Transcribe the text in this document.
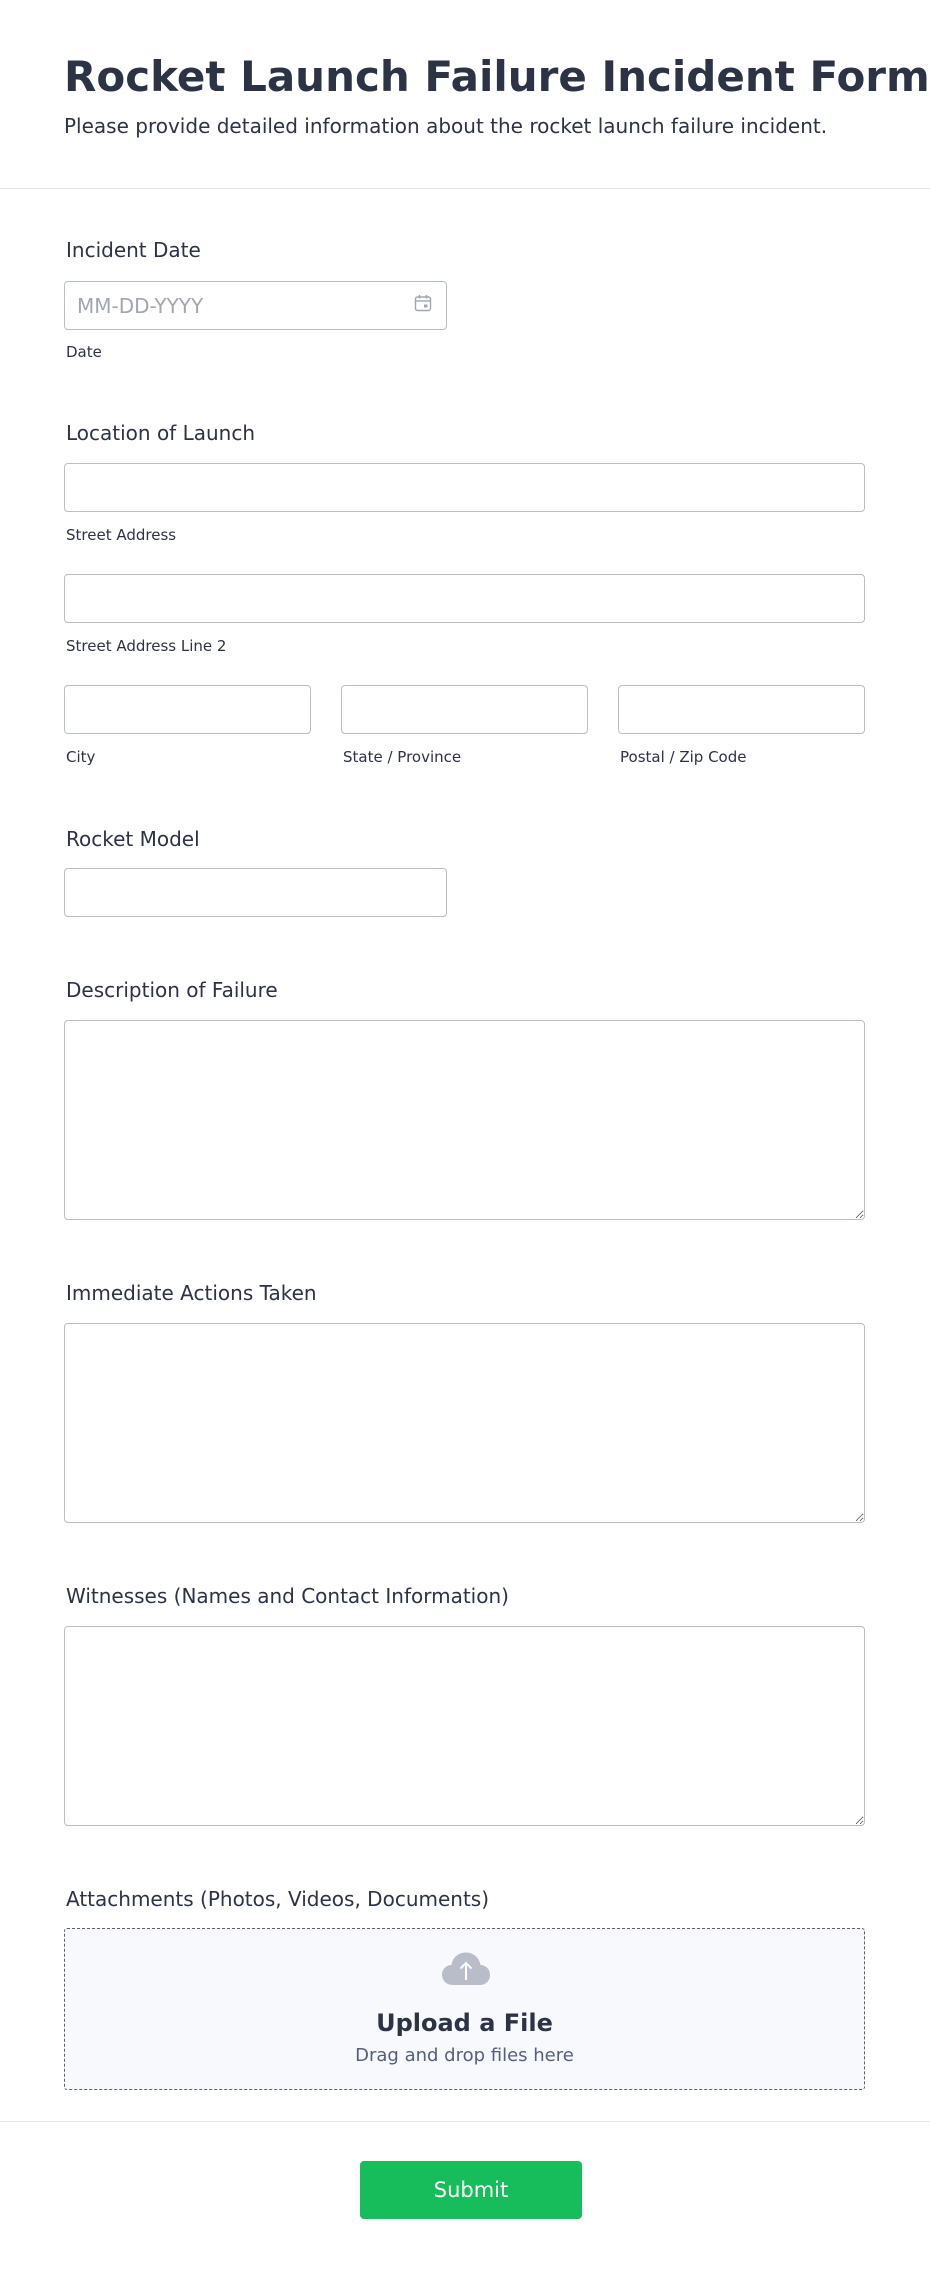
Rocket Launch Failure Incident Form
Please provide detailed information about the rocket launch failure incident.
Incident Date
MM-DD-YYYY
Date
Location of Launch
Street Address
Street Address Line 2
City	State / Province	Postal / Zip Code
Rocket Model
Description of Failure
Immediate Actions Taken
Witnesses (Names and Contact Information)
Attachments (Photos, Videos, Documents)
Upload a File
Drag and drop files here
Submit
